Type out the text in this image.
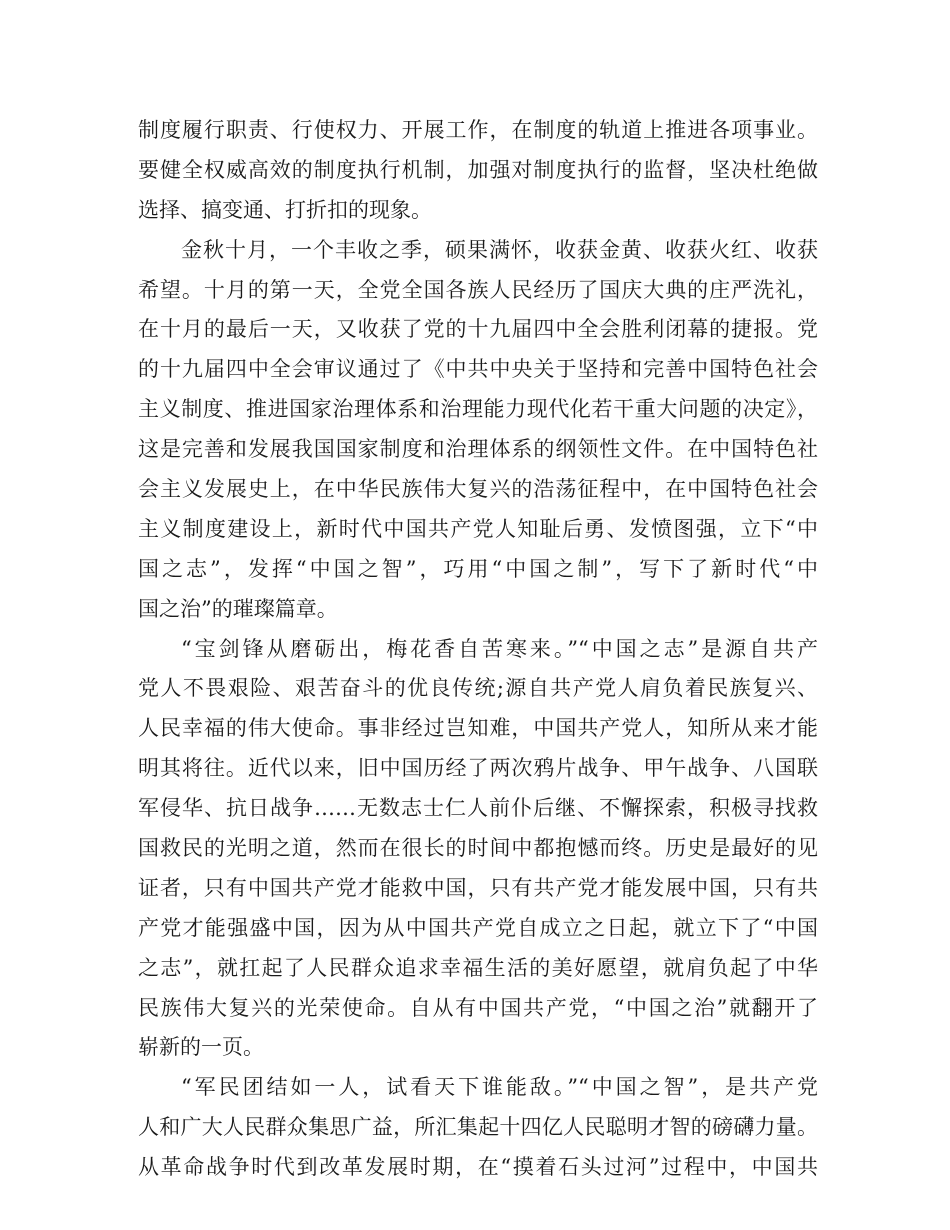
制度履行职责、行使权力、开展工作，在制度的轨道上推进各项事业。
要健全权威高效的制度执行机制，加强对制度执行的监督，坚决杜绝做
选择、搞变通、打折扣的现象。
金秋十月，一个丰收之季，硕果满怀，收获金黄、收获火红、收获
希望。十月的第一天，全党全国各族人民经历了国庆大典的庄严洗礼，
在十月的最后一天，又收获了党的十九届四中全会胜利闭幕的捷报。党
的十九届四中全会审议通过了《中共中央关于坚持和完善中国特色社会
主义制度、推进国家治理体系和治理能力现代化若干重大问题的决定》，
这是完善和发展我国国家制度和治理体系的纲领性文件。在中国特色社
会主义发展史上，在中华民族伟大复兴的浩荡征程中，在中国特色社会
主义制度建设上，新时代中国共产党人知耻后勇、发愤图强，立下“中
国之志”，发挥“中国之智”，巧用“中国之制”，写下了新时代“中
国之治”的璀璨篇章。
“宝剑锋从磨砺出，梅花香自苦寒来。”“中国之志”是源自共产
党人不畏艰险、艰苦奋斗的优良传统;源自共产党人肩负着民族复兴、
人民幸福的伟大使命。事非经过岂知难，中国共产党人，知所从来才能
明其将往。近代以来，旧中国历经了两次鸦片战争、甲午战争、八国联
军侵华、抗日战争……无数志士仁人前仆后继、不懈探索，积极寻找救
国救民的光明之道，然而在很长的时间中都抱憾而终。历史是最好的见
证者，只有中国共产党才能救中国，只有共产党才能发展中国，只有共
产党才能强盛中国，因为从中国共产党自成立之日起，就立下了“中国
之志”，就扛起了人民群众追求幸福生活的美好愿望，就肩负起了中华
民族伟大复兴的光荣使命。自从有中国共产党，“中国之治”就翻开了
崭新的一页。
“军民团结如一人，试看天下谁能敌。”“中国之智”，是共产党
人和广大人民群众集思广益，所汇集起十四亿人民聪明才智的磅礴力量。
从革命战争时代到改革发展时期，在“摸着石头过河”过程中，中国共
